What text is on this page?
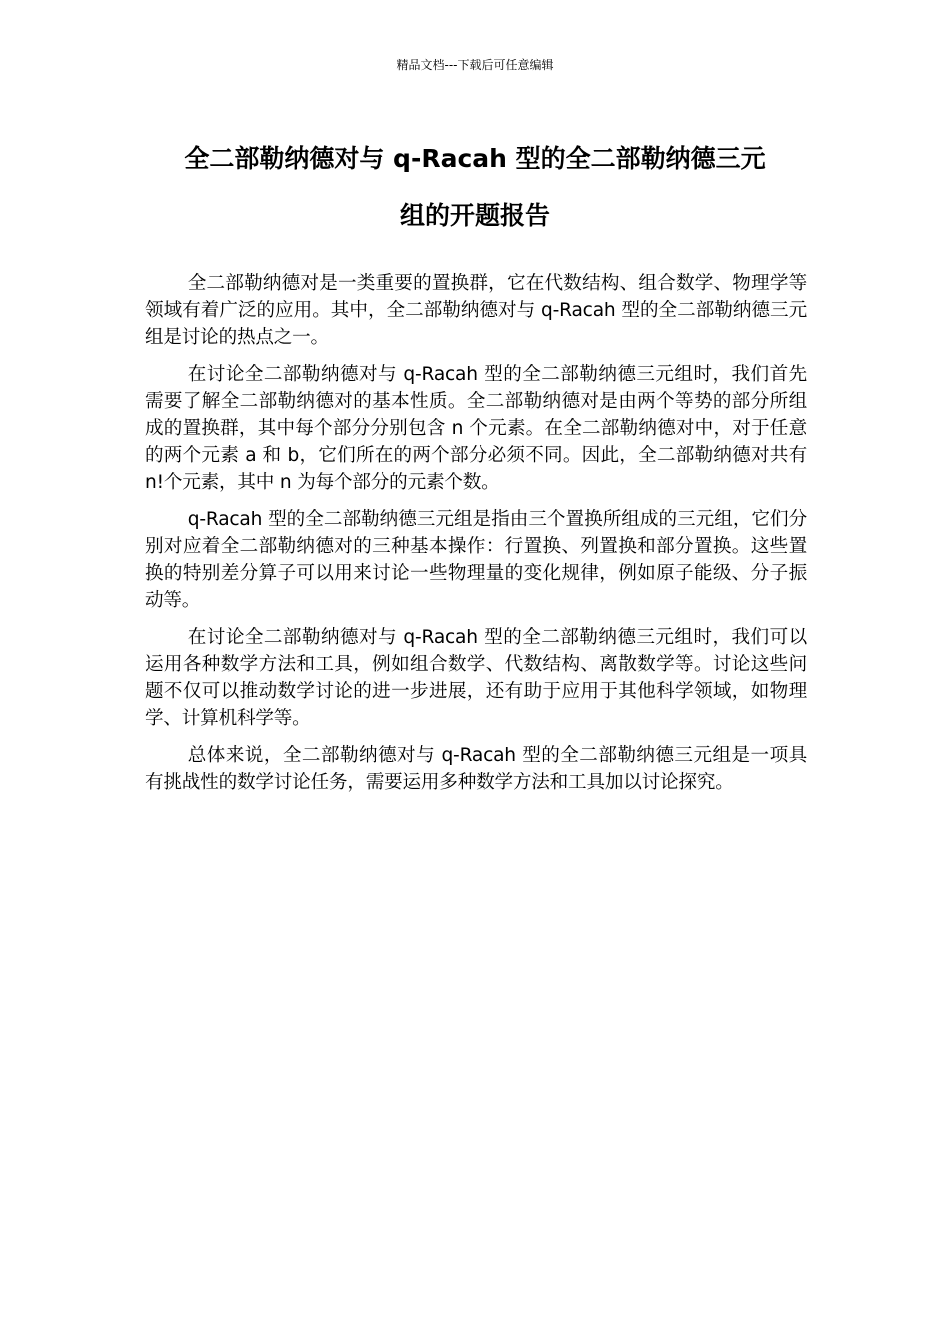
精品文档---下载后可任意编辑
全二部勒纳德对与 q-Racah 型的全二部勒纳德三元
组的开题报告

全二部勒纳德对是一类重要的置换群，它在代数结构、组合数学、物理学等领域有着广泛的应用。其中，全二部勒纳德对与 q-Racah 型的全二部勒纳德三元组是讨论的热点之一。

在讨论全二部勒纳德对与 q-Racah 型的全二部勒纳德三元组时，我们首先需要了解全二部勒纳德对的基本性质。全二部勒纳德对是由两个等势的部分所组成的置换群，其中每个部分分别包含 n 个元素。在全二部勒纳德对中，对于任意的两个元素 a 和 b，它们所在的两个部分必须不同。因此，全二部勒纳德对共有 n!个元素，其中 n 为每个部分的元素个数。

q-Racah 型的全二部勒纳德三元组是指由三个置换所组成的三元组，它们分别对应着全二部勒纳德对的三种基本操作：行置换、列置换和部分置换。这些置换的特别差分算子可以用来讨论一些物理量的变化规律，例如原子能级、分子振动等。

在讨论全二部勒纳德对与 q-Racah 型的全二部勒纳德三元组时，我们可以运用各种数学方法和工具，例如组合数学、代数结构、离散数学等。讨论这些问题不仅可以推动数学讨论的进一步进展，还有助于应用于其他科学领域，如物理学、计算机科学等。

总体来说，全二部勒纳德对与 q-Racah 型的全二部勒纳德三元组是一项具有挑战性的数学讨论任务，需要运用多种数学方法和工具加以讨论探究。
